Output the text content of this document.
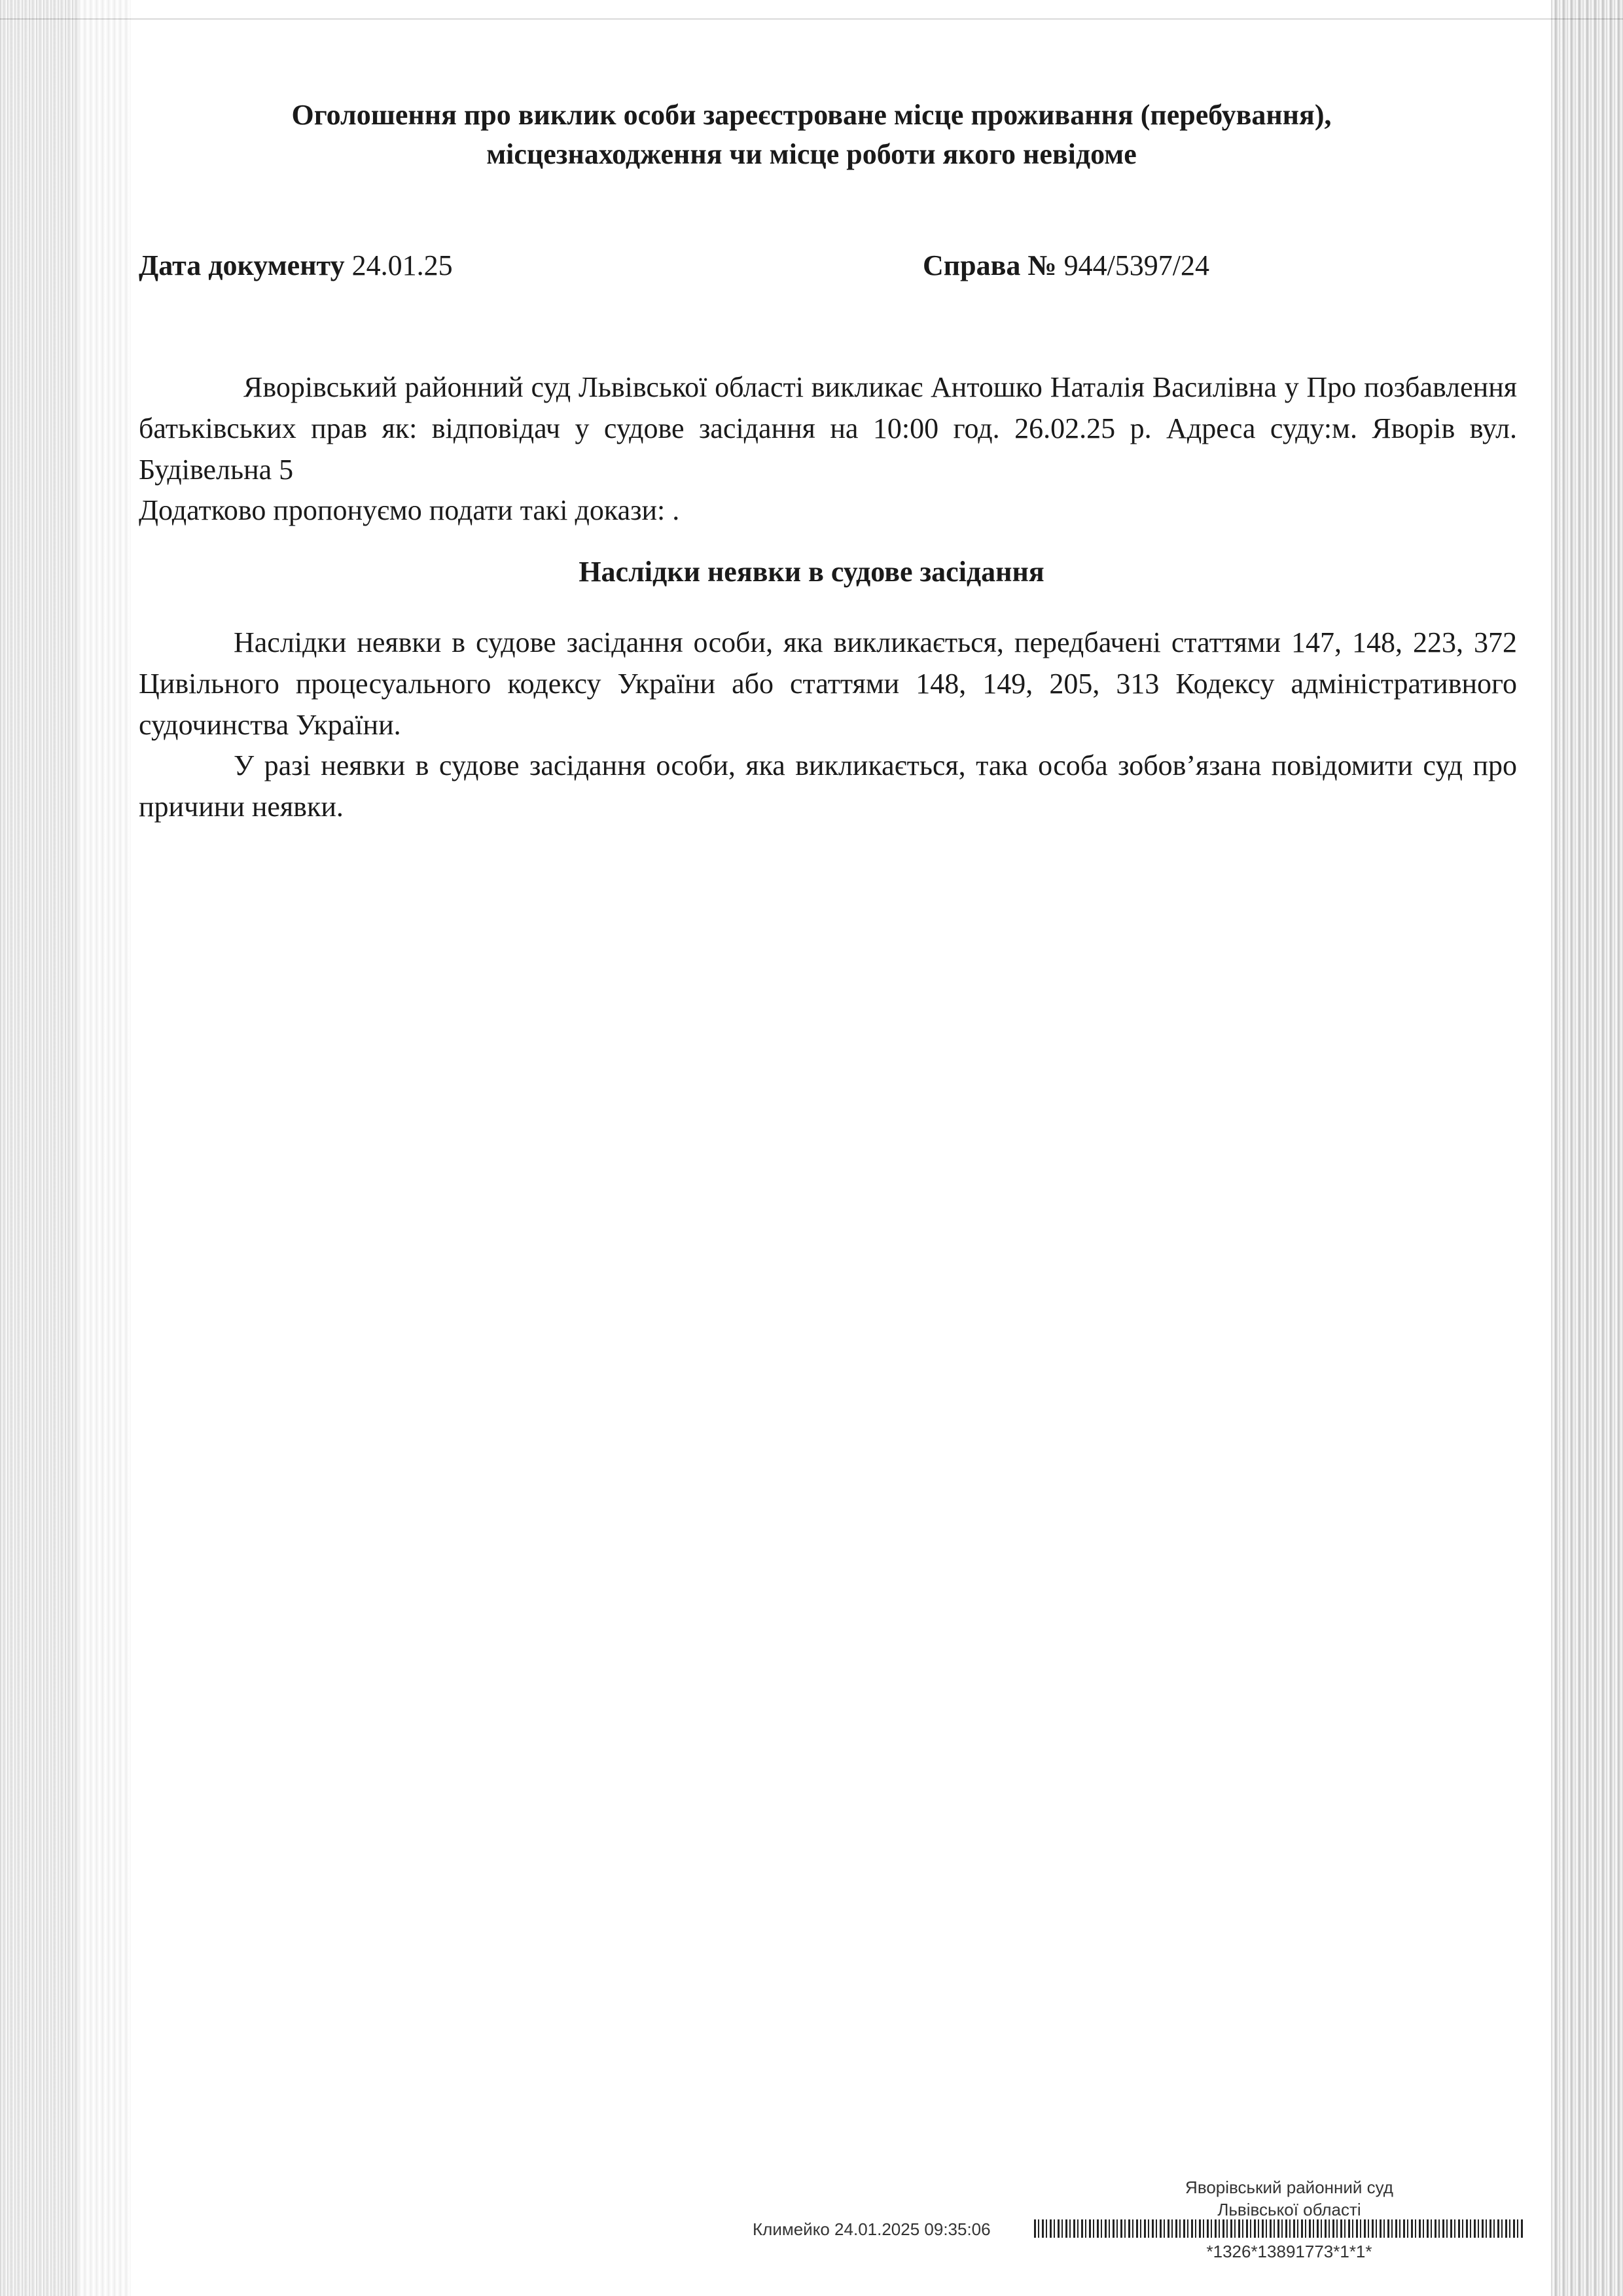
Оголошення про виклик особи зареєстроване місце проживання (перебування),
місцезнаходження чи місце роботи якого невідоме
Дата документу 24.01.25	Справа № 944/5397/24

Яворівський районний суд Львівської області викликає Антошко Наталія Василівна у Про позбавлення батьківських прав як: відповідач у судове засідання на 10:00 год. 26.02.25 р. Адреса суду:м. Яворів вул. Будівельна 5

Додатково пропонуємо подати такі докази: .

Наслідки неявки в судове засідання

Наслідки неявки в судове засідання особи, яка викликається, передбачені статтями 147, 148, 223, 372 Цивільного процесуального кодексу України або статтями 148, 149, 205, 313 Кодексу адміністративного судочинства України.

У разі неявки в судове засідання особи, яка викликається, така особа зобов’язана повідомити суд про причини неявки.

Яворівський районний суд
Львівської області
Климейко 24.01.2025 09:35:06
*1326*13891773*1*1*
